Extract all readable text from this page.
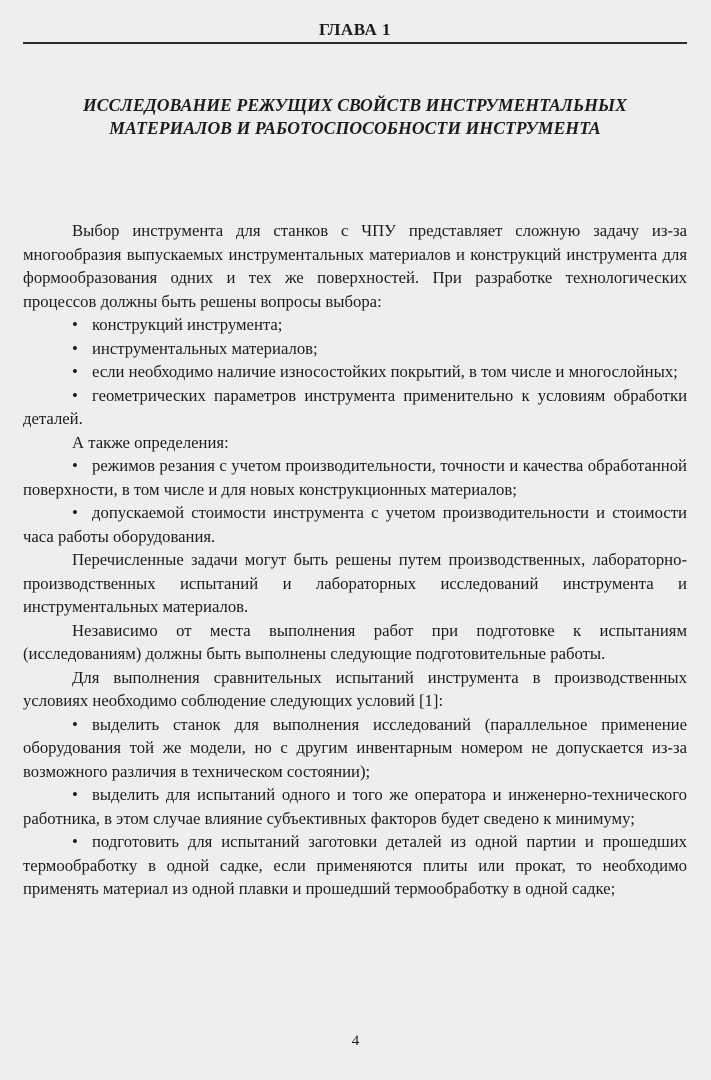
ГЛАВА 1
ИССЛЕДОВАНИЕ РЕЖУЩИХ СВОЙСТВ ИНСТРУМЕНТАЛЬНЫХ
МАТЕРИАЛОВ И РАБОТОСПОСОБНОСТИ ИНСТРУМЕНТА

Выбор инструмента для станков с ЧПУ представляет сложную задачу из-за многообразия выпускаемых инструментальных материалов и конструкций инструмента для формообразования одних и тех же поверхностей. При разработке технологических процессов должны быть решены вопросы выбора:

• конструкций инструмента;

• инструментальных материалов;

• если необходимо наличие износостойких покрытий, в том числе и многослойных;

• геометрических параметров инструмента применительно к условиям обработки деталей.

А также определения:

• режимов резания с учетом производительности, точности и качества обработанной поверхности, в том числе и для новых конструкционных материалов;

• допускаемой стоимости инструмента с учетом производительности и стоимости часа работы оборудования.

Перечисленные задачи могут быть решены путем производственных, лабораторно-производственных испытаний и лабораторных исследований инструмента и инструментальных материалов.

Независимо от места выполнения работ при подготовке к испытаниям (исследованиям) должны быть выполнены следующие подготовительные работы.

Для выполнения сравнительных испытаний инструмента в производственных условиях необходимо соблюдение следующих условий [1]:

• выделить станок для выполнения исследований (параллельное применение оборудования той же модели, но с другим инвентарным номером не допускается из-за возможного различия в техническом состоянии);

• выделить для испытаний одного и того же оператора и инженерно-технического работника, в этом случае влияние субъективных факторов будет сведено к минимуму;

• подготовить для испытаний заготовки деталей из одной партии и прошедших термообработку в одной садке, если применяются плиты или прокат, то необходимо применять материал из одной плавки и прошедший термообработку в одной садке;

4
